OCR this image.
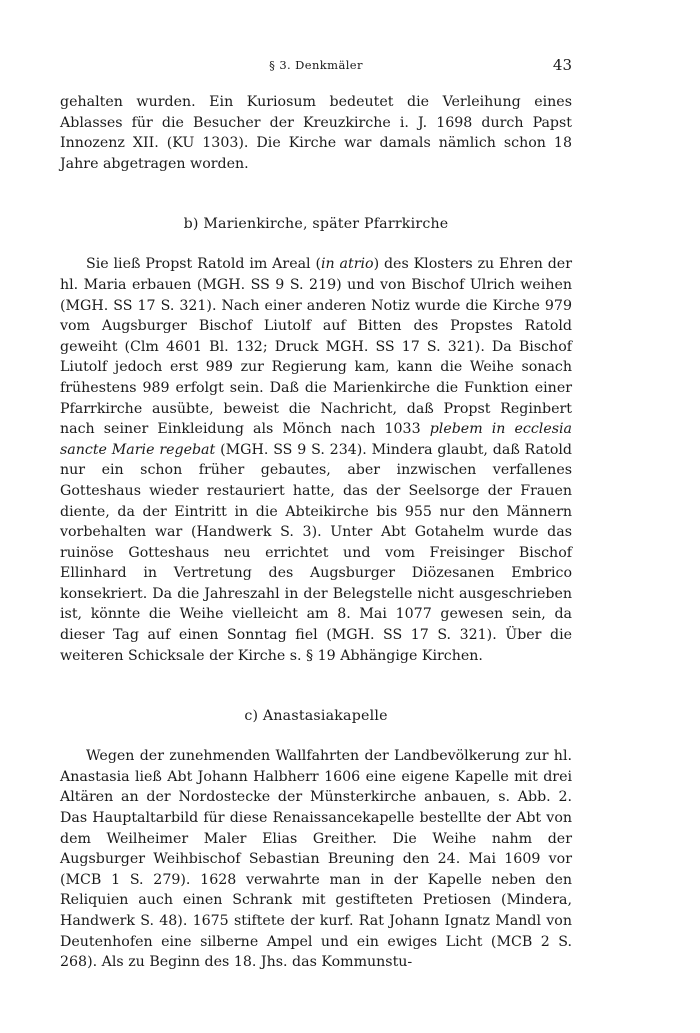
§ 3. Denkmäler	43

gehalten wurden. Ein Kuriosum bedeutet die Verleihung eines Ablasses für die Besucher der Kreuzkirche i. J. 1698 durch Papst Innozenz XII. (KU 1303). Die Kirche war damals nämlich schon 18 Jahre abgetragen worden.

b) Marienkirche, später Pfarrkirche

Sie ließ Propst Ratold im Areal (in atrio) des Klosters zu Ehren der hl. Maria erbauen (MGH. SS 9 S. 219) und von Bischof Ulrich weihen (MGH. SS 17 S. 321). Nach einer anderen Notiz wurde die Kirche 979 vom Augsburger Bischof Liutolf auf Bitten des Propstes Ratold geweiht (Clm 4601 Bl. 132; Druck MGH. SS 17 S. 321). Da Bischof Liutolf jedoch erst 989 zur Regierung kam, kann die Weihe sonach frühestens 989 erfolgt sein. Daß die Marienkirche die Funktion einer Pfarrkirche ausübte, beweist die Nachricht, daß Propst Reginbert nach seiner Einkleidung als Mönch nach 1033 plebem in ecclesia sancte Marie regebat (MGH. SS 9 S. 234). Mindera glaubt, daß Ratold nur ein schon früher gebautes, aber inzwischen verfallenes Gotteshaus wieder restauriert hatte, das der Seelsorge der Frauen diente, da der Eintritt in die Abteikirche bis 955 nur den Männern vorbehalten war (Handwerk S. 3). Unter Abt Gotahelm wurde das ruinöse Gotteshaus neu errichtet und vom Freisinger Bischof Ellinhard in Vertretung des Augsburger Diözesanen Embrico konsekriert. Da die Jahreszahl in der Belegstelle nicht ausgeschrieben ist, könnte die Weihe vielleicht am 8. Mai 1077 gewesen sein, da dieser Tag auf einen Sonntag fiel (MGH. SS 17 S. 321). Über die weiteren Schicksale der Kirche s. § 19 Abhängige Kirchen.

c) Anastasiakapelle

Wegen der zunehmenden Wallfahrten der Landbevölkerung zur hl. Anastasia ließ Abt Johann Halbherr 1606 eine eigene Kapelle mit drei Altären an der Nordostecke der Münsterkirche anbauen, s. Abb. 2. Das Hauptaltarbild für diese Renaissancekapelle bestellte der Abt von dem Weilheimer Maler Elias Greither. Die Weihe nahm der Augsburger Weihbischof Sebastian Breuning den 24. Mai 1609 vor (MCB 1 S. 279). 1628 verwahrte man in der Kapelle neben den Reliquien auch einen Schrank mit gestifteten Pretiosen (Mindera, Handwerk S. 48). 1675 stiftete der kurf. Rat Johann Ignatz Mandl von Deutenhofen eine silberne Ampel und ein ewiges Licht (MCB 2 S. 268). Als zu Beginn des 18. Jhs. das Kommunstu-
